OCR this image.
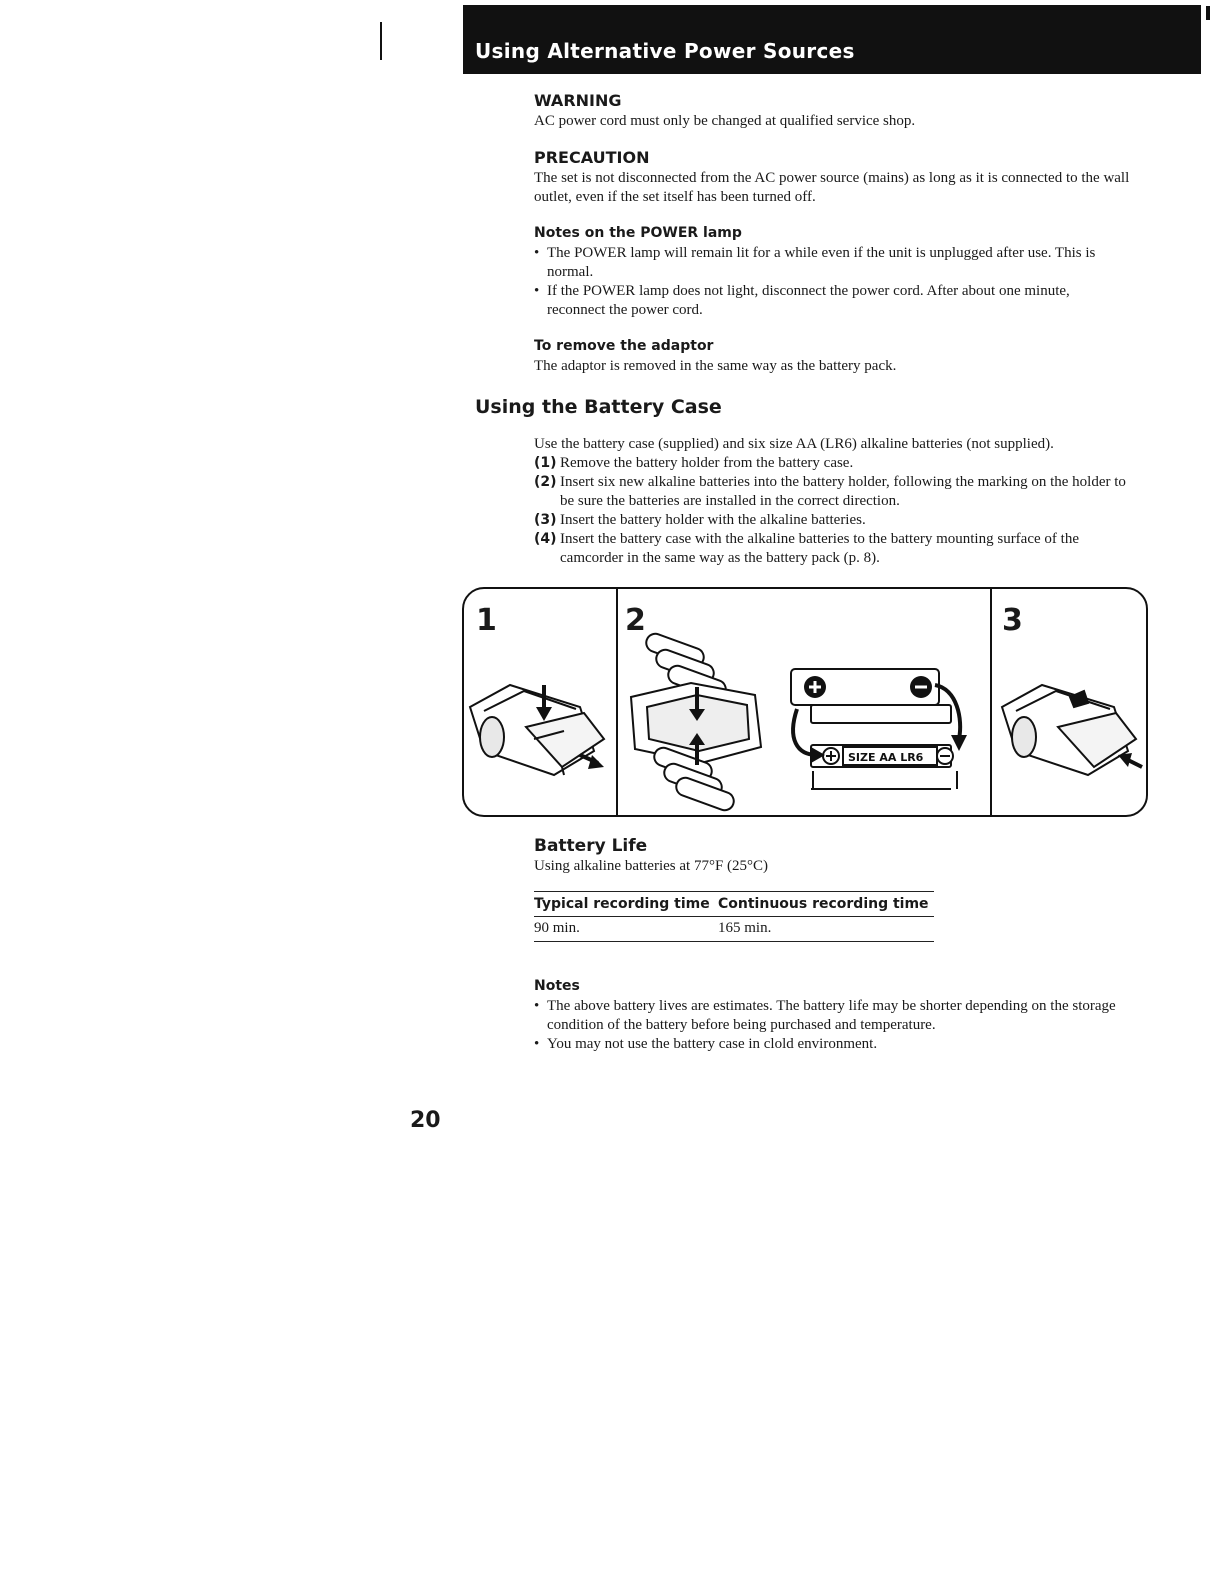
Using Alternative Power Sources
WARNING
AC power cord must only be changed at qualified service shop.
PRECAUTION
The set is not disconnected from the AC power source (mains) as long as it is connected to the wall outlet, even if the set itself has been turned off.
Notes on the POWER lamp
• The POWER lamp will remain lit for a while even if the unit is unplugged after use. This is normal.
• If the POWER lamp does not light, disconnect the power cord. After about one minute, reconnect the power cord.
To remove the adaptor
The adaptor is removed in the same way as the battery pack.
Using the Battery Case
Use the battery case (supplied) and six size AA (LR6) alkaline batteries (not supplied).
(1) Remove the battery holder from the battery case.
(2) Insert six new alkaline batteries into the battery holder, following the marking on the holder to be sure the batteries are installed in the correct direction.
(3) Insert the battery holder with the alkaline batteries.
(4) Insert the battery case with the alkaline batteries to the battery mounting surface of the camcorder in the same way as the battery pack (p. 8).
1	2
SIZE AA LR6
3
Battery Life
Using alkaline batteries at 77°F (25°C)
Typical recording time	Continuous recording time
90 min.	165 min.
Notes
• The above battery lives are estimates. The battery life may be shorter depending on the storage condition of the battery before being purchased and temperature.
• You may not use the battery case in clold environment.
20
